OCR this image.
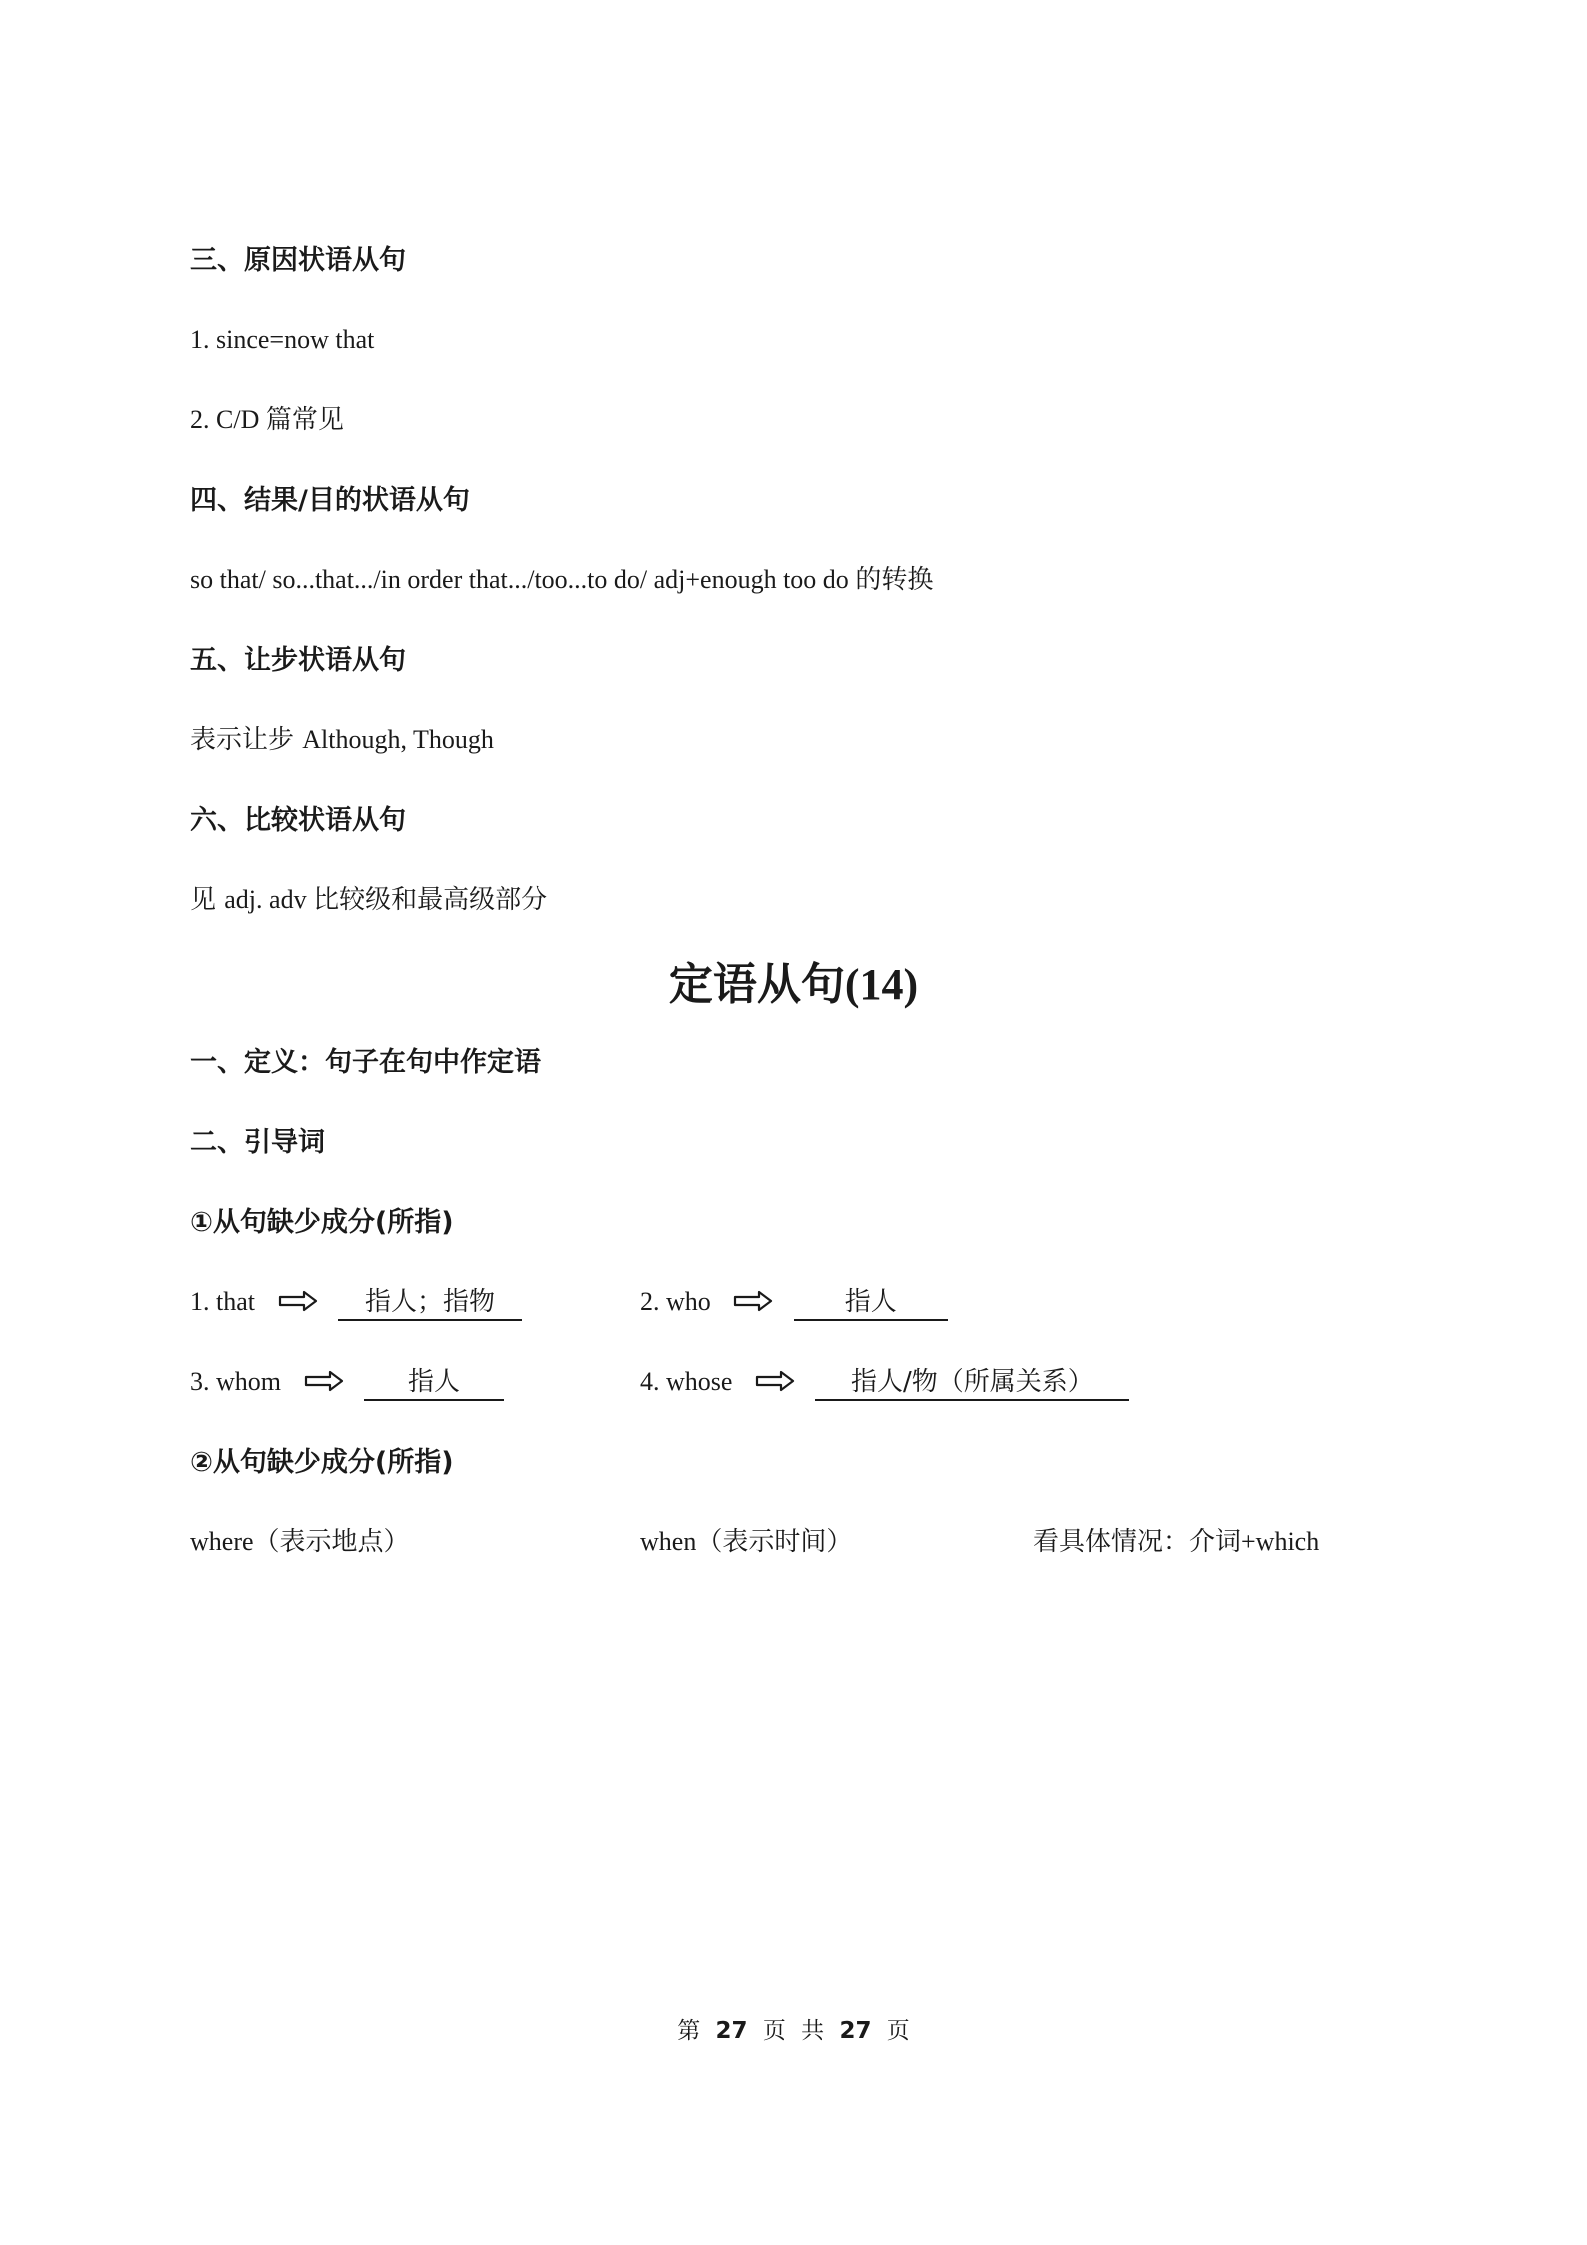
三、原因状语从句
1. since=now that
2. C/D 篇常见
四、结果/目的状语从句
so that/ so...that.../in order that.../too...to do/ adj+enough too do 的转换
五、让步状语从句
表示让步 Although, Though
六、比较状语从句
见 adj. adv 比较级和最高级部分
定语从句(14)
一、定义：句子在句中作定语
二、引导词
①从句缺少成分(所指)
1. that	指人；指物	2. who	指人
3. whom	指人	4. whose	指人/物（所属关系）
②从句缺少成分(所指)
where（表示地点）	when（表示时间）	看具体情况：介词+which
第 27 页 共 27 页
